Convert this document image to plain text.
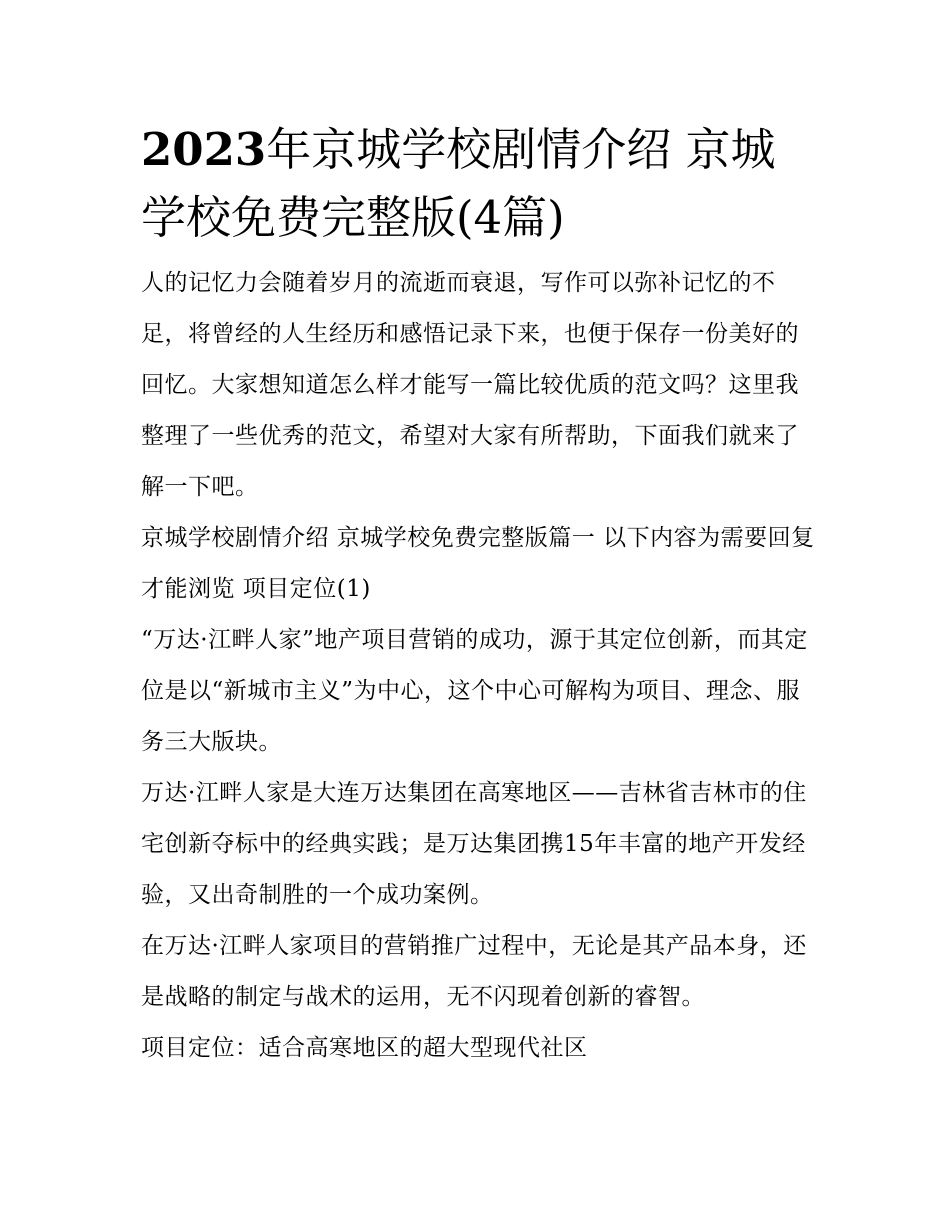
2023年京城学校剧情介绍 京城学校免费完整版(4篇)

人的记忆力会随着岁月的流逝而衰退，写作可以弥补记忆的不足，将曾经的人生经历和感悟记录下来，也便于保存一份美好的回忆。大家想知道怎么样才能写一篇比较优质的范文吗？这里我整理了一些优秀的范文，希望对大家有所帮助，下面我们就来了解一下吧。

京城学校剧情介绍 京城学校免费完整版篇一 以下内容为需要回复才能浏览 项目定位(1)

“万达·江畔人家”地产项目营销的成功，源于其定位创新，而其定位是以“新城市主义”为中心，这个中心可解构为项目、理念、服务三大版块。

万达·江畔人家是大连万达集团在高寒地区——吉林省吉林市的住宅创新夺标中的经典实践；是万达集团携15年丰富的地产开发经验，又出奇制胜的一个成功案例。

在万达·江畔人家项目的营销推广过程中，无论是其产品本身，还是战略的制定与战术的运用，无不闪现着创新的睿智。

项目定位：适合高寒地区的超大型现代社区
